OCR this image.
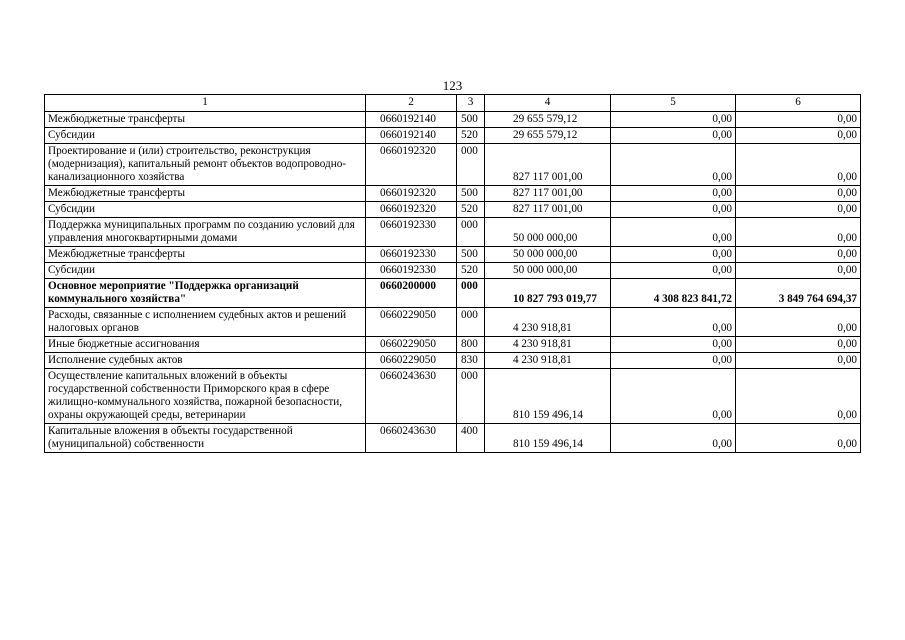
123
1	2	3	4	5	6
Межбюджетные трансферты	0660192140	500	29 655 579,12	0,00	0,00
Субсидии	0660192140	520	29 655 579,12	0,00	0,00
Проектирование и (или) строительство, реконструкция (модернизация), капитальный ремонт объектов водопроводно-канализационного хозяйства	0660192320	000	827 117 001,00	0,00	0,00
Межбюджетные трансферты	0660192320	500	827 117 001,00	0,00	0,00
Субсидии	0660192320	520	827 117 001,00	0,00	0,00
Поддержка муниципальных программ по созданию условий для управления многоквартирными домами	0660192330	000	50 000 000,00	0,00	0,00
Межбюджетные трансферты	0660192330	500	50 000 000,00	0,00	0,00
Субсидии	0660192330	520	50 000 000,00	0,00	0,00
Основное мероприятие "Поддержка организаций коммунального хозяйства"	0660200000	000	10 827 793 019,77	4 308 823 841,72	3 849 764 694,37
Расходы, связанные с исполнением судебных актов и решений налоговых органов	0660229050	000	4 230 918,81	0,00	0,00
Иные бюджетные ассигнования	0660229050	800	4 230 918,81	0,00	0,00
Исполнение судебных актов	0660229050	830	4 230 918,81	0,00	0,00
Осуществление капитальных вложений в объекты государственной собственности Приморского края в сфере жилищно-коммунального хозяйства, пожарной безопасности, охраны окружающей среды, ветеринарии	0660243630	000	810 159 496,14	0,00	0,00
Капитальные вложения в объекты государственной (муниципальной) собственности	0660243630	400	810 159 496,14	0,00	0,00
